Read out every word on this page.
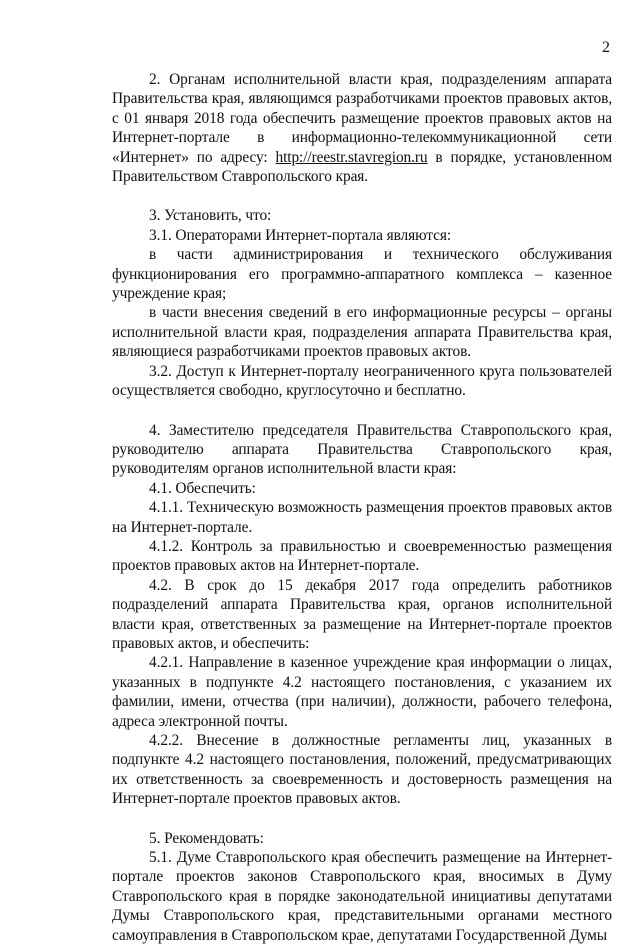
2

2. Органам исполнительной власти края, подразделениям аппарата Правительства края, являющимся разработчиками проектов правовых актов, с 01 января 2018 года обеспечить размещение проектов правовых актов на Интернет-портале в информационно-телекоммуникационной сети «Интернет» по адресу: http://reestr.stavregion.ru в порядке, установленном Правительством Ставропольского края.

3. Установить, что:

3.1. Операторами Интернет-портала являются:

в части администрирования и технического обслуживания функционирования его программно-аппаратного комплекса – казенное учреждение края;

в части внесения сведений в его информационные ресурсы – органы исполнительной власти края, подразделения аппарата Правительства края, являющиеся разработчиками проектов правовых актов.

3.2. Доступ к Интернет-порталу неограниченного круга пользователей осуществляется свободно, круглосуточно и бесплатно.

4. Заместителю председателя Правительства Ставропольского края, руководителю аппарата Правительства Ставропольского края, руководителям органов исполнительной власти края:

4.1. Обеспечить:

4.1.1. Техническую возможность размещения проектов правовых актов на Интернет-портале.

4.1.2. Контроль за правильностью и своевременностью размещения проектов правовых актов на Интернет-портале.

4.2. В срок до 15 декабря 2017 года определить работников подразделений аппарата Правительства края, органов исполнительной власти края, ответственных за размещение на Интернет-портале проектов правовых актов, и обеспечить:

4.2.1. Направление в казенное учреждение края информации о лицах, указанных в подпункте 4.2 настоящего постановления, с указанием их фамилии, имени, отчества (при наличии), должности, рабочего телефона, адреса электронной почты.

4.2.2. Внесение в должностные регламенты лиц, указанных в подпункте 4.2 настоящего постановления, положений, предусматривающих их ответственность за своевременность и достоверность размещения на Интернет-портале проектов правовых актов.

5. Рекомендовать:

5.1. Думе Ставропольского края обеспечить размещение на Интернет-портале проектов законов Ставропольского края, вносимых в Думу Ставропольского края в порядке законодательной инициативы депутатами Думы Ставропольского края, представительными органами местного самоуправления в Ставропольском крае, депутатами Государственной Думы
